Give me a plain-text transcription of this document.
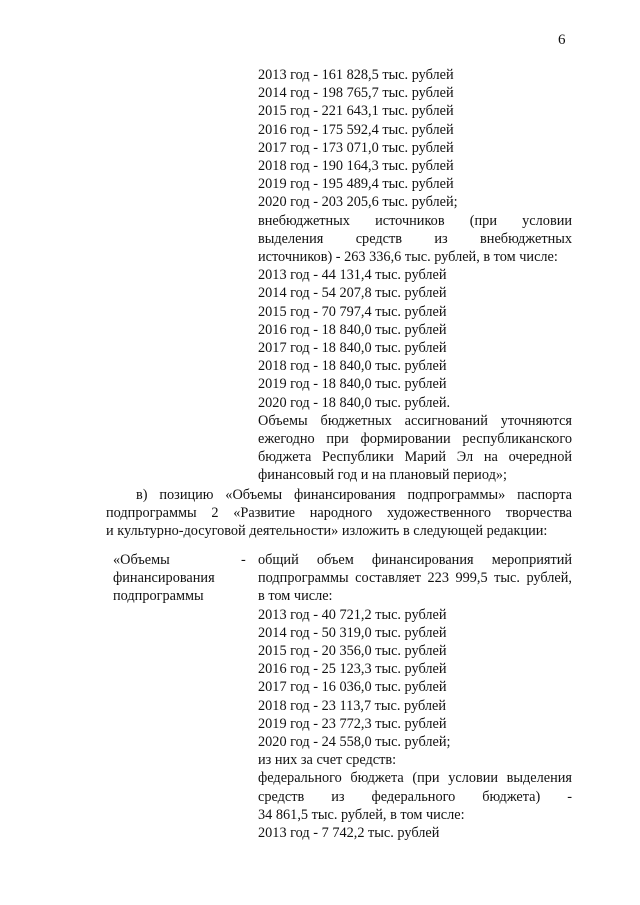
6
2013 год - 161 828,5 тыс. рублей
2014 год - 198 765,7 тыс. рублей
2015 год - 221 643,1 тыс. рублей
2016 год - 175 592,4 тыс. рублей
2017 год - 173 071,0 тыс. рублей
2018 год - 190 164,3 тыс. рублей
2019 год - 195 489,4 тыс. рублей
2020 год - 203 205,6 тыс. рублей;
внебюджетных источников (при условии
выделения средств из внебюджетных
источников) - 263 336,6 тыс. рублей, в том числе:
2013 год - 44 131,4 тыс. рублей
2014 год - 54 207,8 тыс. рублей
2015 год - 70 797,4 тыс. рублей
2016 год - 18 840,0 тыс. рублей
2017 год - 18 840,0 тыс. рублей
2018 год - 18 840,0 тыс. рублей
2019 год - 18 840,0 тыс. рублей
2020 год - 18 840,0 тыс. рублей.
Объемы бюджетных ассигнований уточняются
ежегодно при формировании республиканского
бюджета Республики Марий Эл на очередной
финансовый год и на плановый период»;
в) позицию «Объемы финансирования подпрограммы» паспорта
подпрограммы 2 «Развитие народного художественного творчества
и культурно-досуговой деятельности» изложить в следующей редакции:
«Объемы
финансирования
подпрограммы
- общий объем финансирования мероприятий
подпрограммы составляет 223 999,5 тыс. рублей,
в том числе:
2013 год - 40 721,2 тыс. рублей
2014 год - 50 319,0 тыс. рублей
2015 год - 20 356,0 тыс. рублей
2016 год - 25 123,3 тыс. рублей
2017 год - 16 036,0 тыс. рублей
2018 год - 23 113,7 тыс. рублей
2019 год - 23 772,3 тыс. рублей
2020 год - 24 558,0 тыс. рублей;
из них за счет средств:
федерального бюджета (при условии выделения
средств из федерального бюджета) -
34 861,5 тыс. рублей, в том числе:
2013 год - 7 742,2 тыс. рублей
